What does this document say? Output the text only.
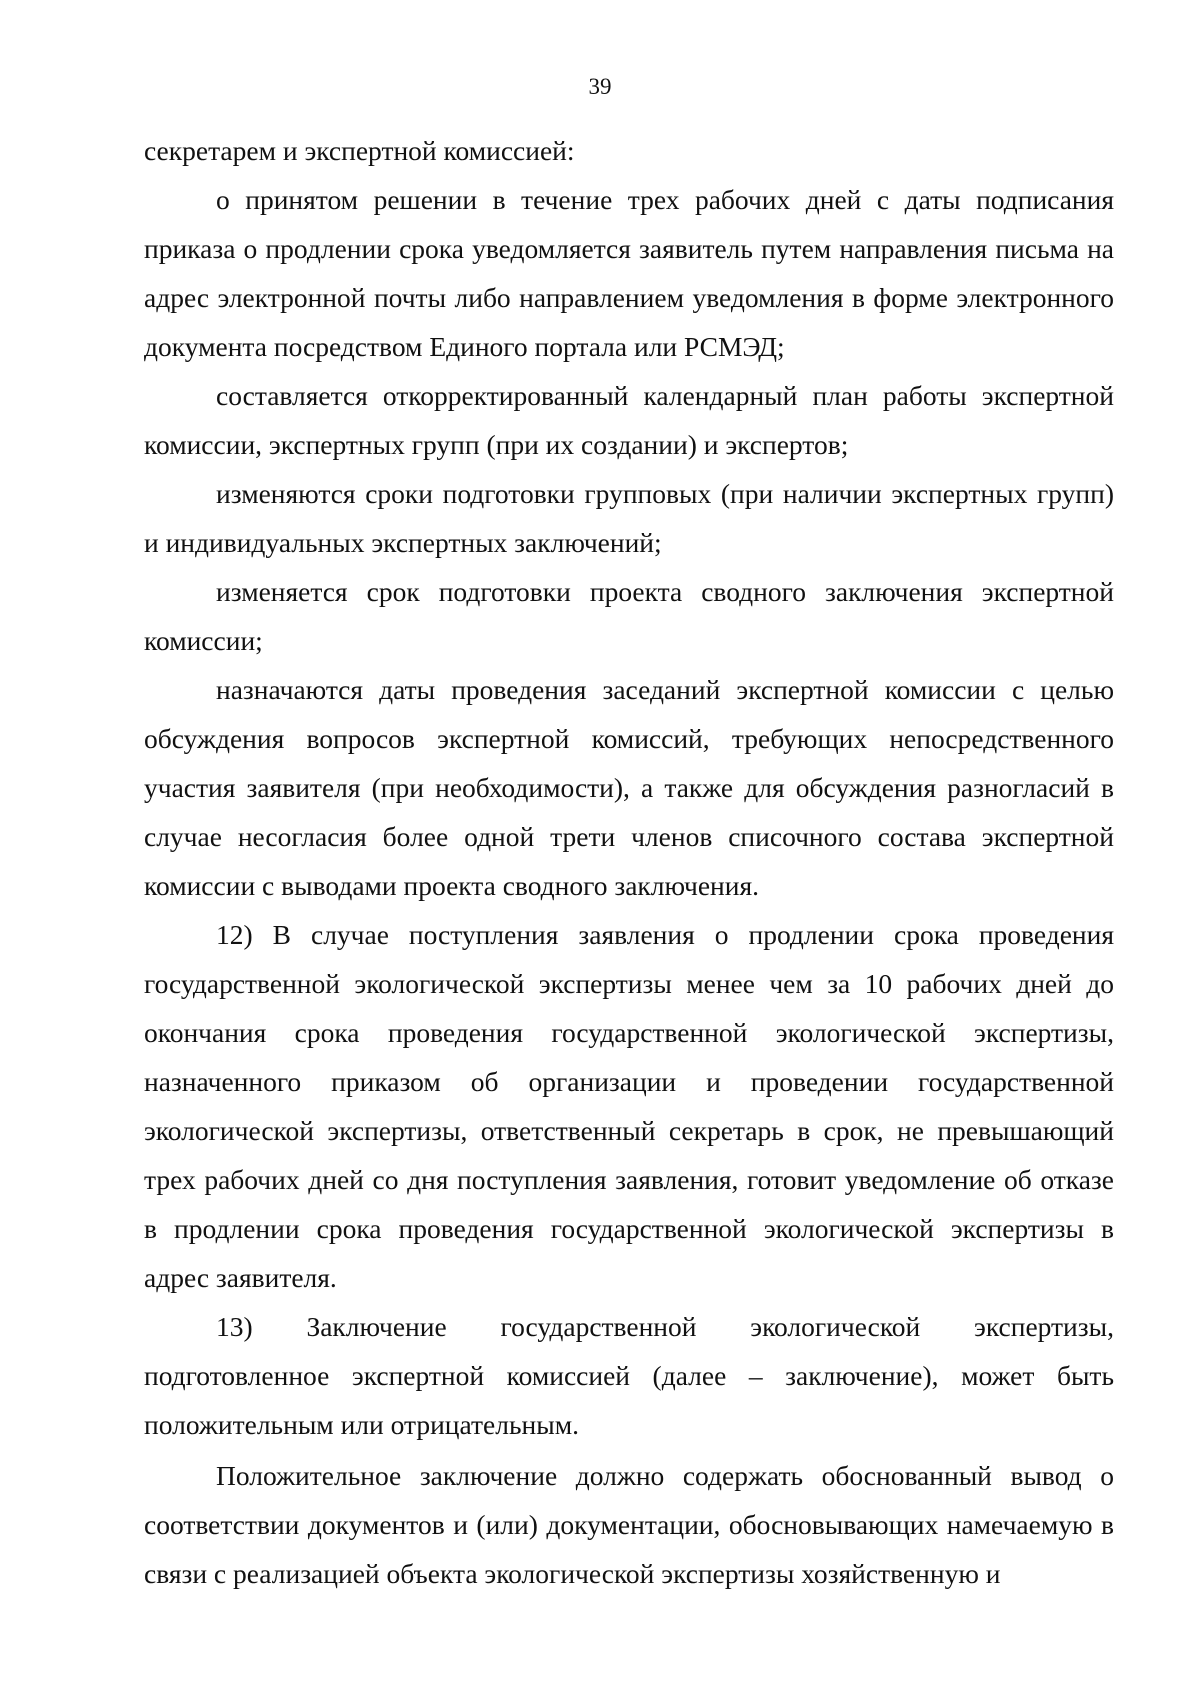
39

секретарем и экспертной комиссией:

о принятом решении в течение трех рабочих дней с даты подписания приказа о продлении срока уведомляется заявитель путем направления письма на адрес электронной почты либо направлением уведомления в форме электронного документа посредством Единого портала или РСМЭД;

составляется откорректированный календарный план работы экспертной комиссии, экспертных групп (при их создании) и экспертов;

изменяются сроки подготовки групповых (при наличии экспертных групп) и индивидуальных экспертных заключений;

изменяется срок подготовки проекта сводного заключения экспертной комиссии;

назначаются даты проведения заседаний экспертной комиссии с целью обсуждения вопросов экспертной комиссий, требующих непосредственного участия заявителя (при необходимости), а также для обсуждения разногласий в случае несогласия более одной трети членов списочного состава экспертной комиссии с выводами проекта сводного заключения.

12) В случае поступления заявления о продлении срока проведения государственной экологической экспертизы менее чем за 10 рабочих дней до окончания срока проведения государственной экологической экспертизы, назначенного приказом об организации и проведении государственной экологической экспертизы, ответственный секретарь в срок, не превышающий трех рабочих дней со дня поступления заявления, готовит уведомление об отказе в продлении срока проведения государственной экологической экспертизы в адрес заявителя.

13) Заключение государственной экологической экспертизы, подготовленное экспертной комиссией (далее – заключение), может быть положительным или отрицательным.

Положительное заключение должно содержать обоснованный вывод о соответствии документов и (или) документации, обосновывающих намечаемую в связи с реализацией объекта экологической экспертизы хозяйственную и
